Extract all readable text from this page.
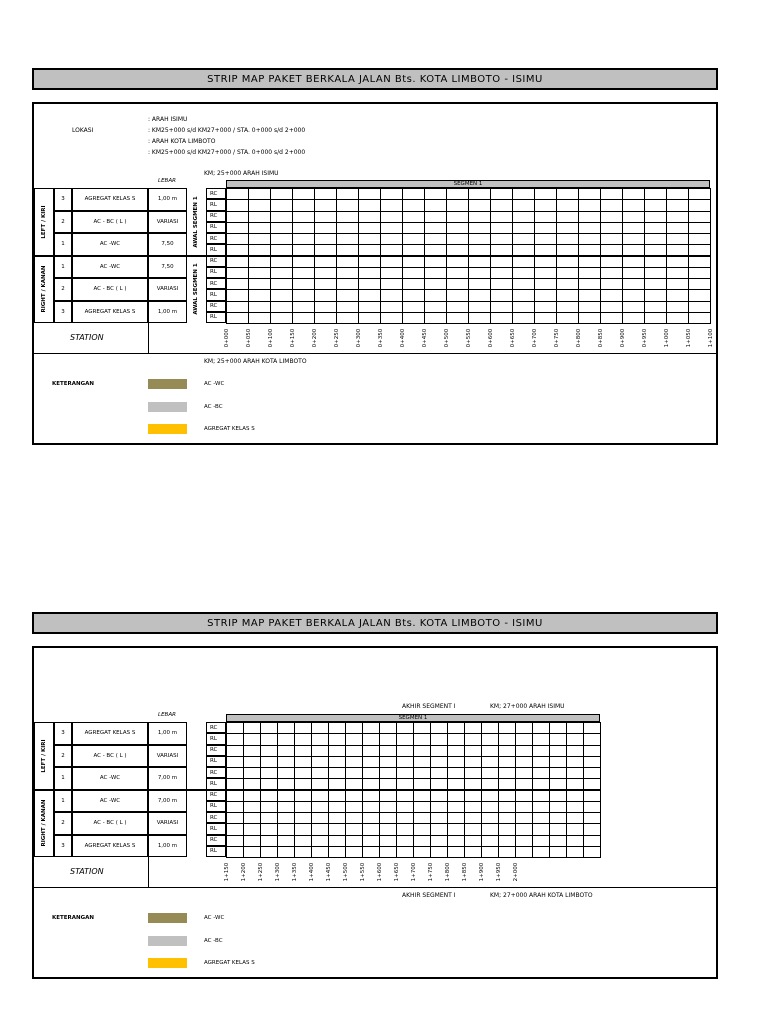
STRIP MAP PAKET BERKALA JALAN Bts. KOTA LIMBOTO - ISIMU
LOKASI
: ARAH ISIMU
: KM25+000 s/d KM27+000 / STA. 0+000 s/d 2+000
: ARAH KOTA LIMBOTO
: KM25+000 s/d KM27+000 / STA. 0+000 s/d 2+000
KM; 25+000 ARAH ISIMU
KM; 25+000 ARAH KOTA LIMBOTO
LEBAR	SEGMEN 1
3	AGREGAT KELAS S	1,00 m
RC
RL
2	AC - BC ( L )	VARIASI
RC
RL
1	AC -WC	7,50
RC
RL
1	AC -WC	7,50
RC
RL
2	AC - BC ( L )	VARIASI
RC
RL
3	AGREGAT KELAS S	1,00 m
RC
RL
LEFT / KIRI
RIGHT / KANAN
AWAL SEGMEN 1
AWAL SEGMEN 1
STATION	0+000	0+050	0+100	0+150	0+200	0+250	0+300	0+350	0+400	0+450	0+500	0+550	0+600	0+650	0+700	0+750	0+800	0+850	0+900	0+950	1+000	1+050	1+100
KETERANGAN	AC -WC
AC -BC
AGREGAT KELAS S
STRIP MAP PAKET BERKALA JALAN Bts. KOTA LIMBOTO - ISIMU
AKHIR SEGMENT I	KM; 27+000 ARAH ISIMU
AKHIR SEGMENT I	KM; 27+000 ARAH KOTA LIMBOTO
LEBAR	SEGMEN 1
3	AGREGAT KELAS S	1,00 m
RC
RL
2	AC - BC ( L )	VARIASI
RC
RL
1	AC -WC	7,00 m
RC
RL
1	AC -WC	7,00 m
RC
RL
2	AC - BC ( L )	VARIASI
RC
RL
3	AGREGAT KELAS S	1,00 m
RC
RL
LEFT / KIRI
RIGHT / KANAN
STATION	1+150 1+200 1+250 1+300 1+350 1+400 1+450 1+500 1+550 1+600 1+650 1+700 1+750 1+800 1+850 1+900 1+950 2+000
KETERANGAN	AC -WC
AC -BC
AGREGAT KELAS S
